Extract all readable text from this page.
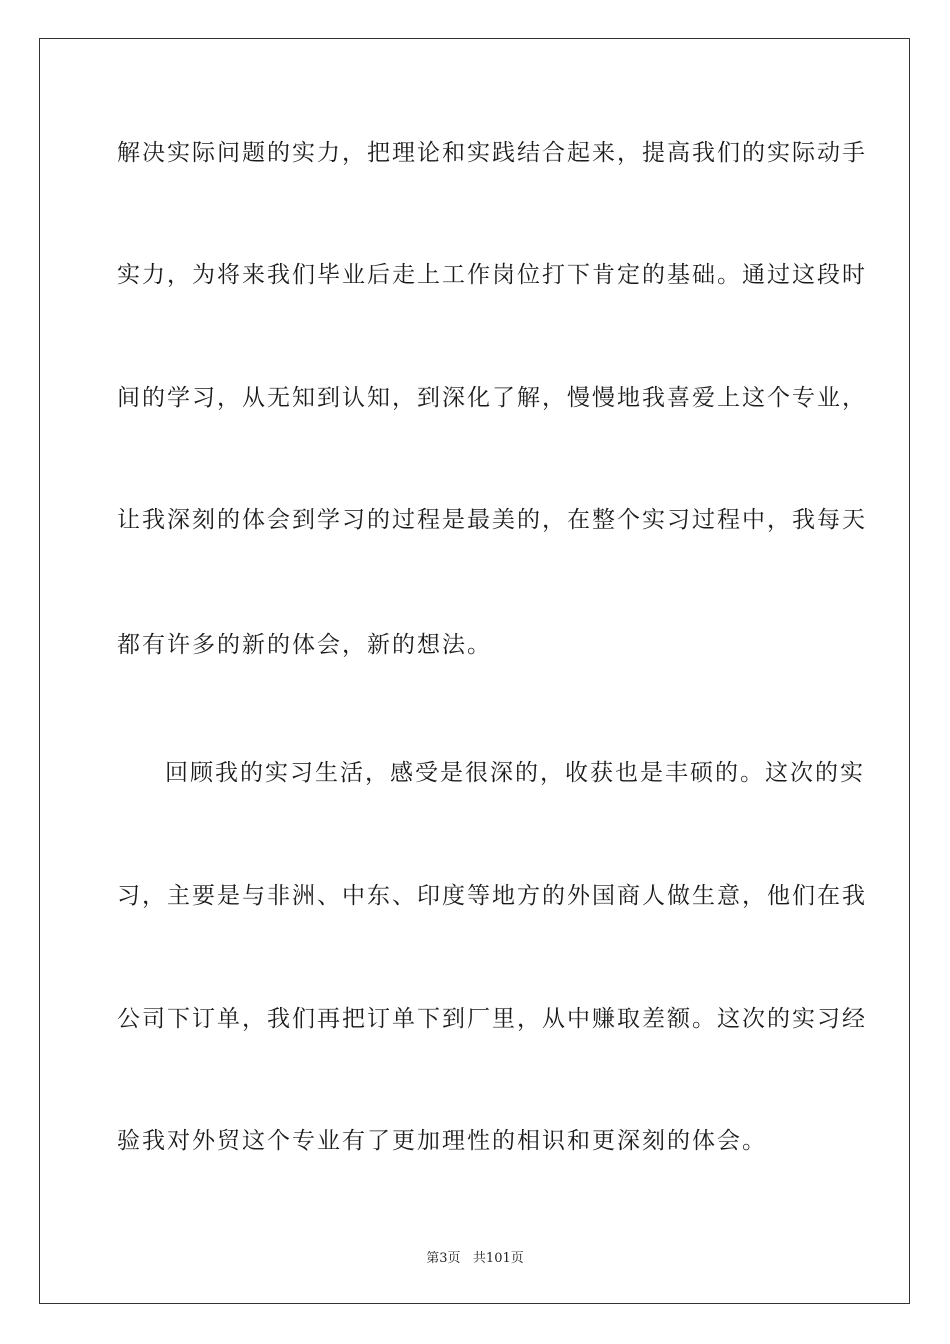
解决实际问题的实力，把理论和实践结合起来，提高我们的实际动手
实力，为将来我们毕业后走上工作岗位打下肯定的基础。通过这段时
间的学习，从无知到认知，到深化了解，慢慢地我喜爱上这个专业，
让我深刻的体会到学习的过程是最美的，在整个实习过程中，我每天
都有许多的新的体会，新的想法。
回顾我的实习生活，感受是很深的，收获也是丰硕的。这次的实
习，主要是与非洲、中东、印度等地方的外国商人做生意，他们在我
公司下订单，我们再把订单下到厂里，从中赚取差额。这次的实习经
验我对外贸这个专业有了更加理性的相识和更深刻的体会。
第3页 共101页
